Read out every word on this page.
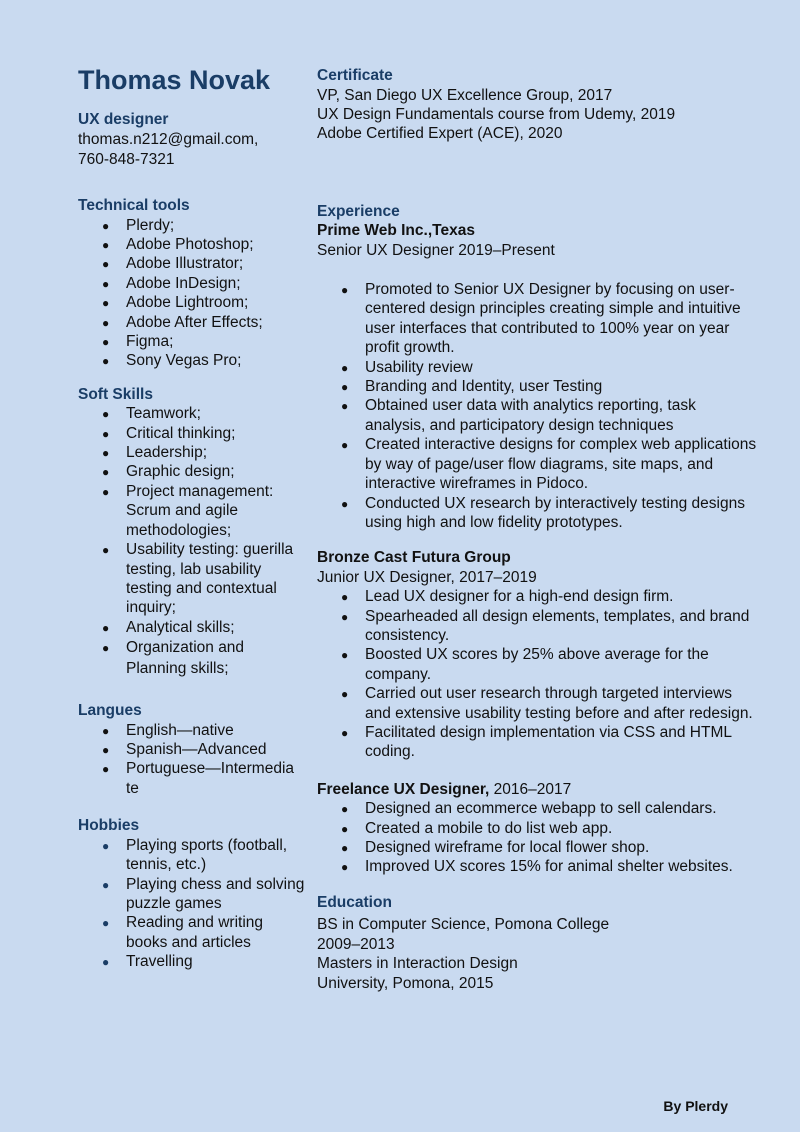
Thomas Novak
UX designer
thomas.n212@gmail.com,
760-848-7321
Technical tools
● Plerdy;
● Adobe Photoshop;
● Adobe Illustrator;
● Adobe InDesign;
● Adobe Lightroom;
● Adobe After Effects;
● Figma;
● Sony Vegas Pro;
Soft Skills
● Teamwork;
● Critical thinking;
● Leadership;
● Graphic design;
● Project management: Scrum and agile methodologies;
● Usability testing: guerilla testing, lab usability testing and contextual inquiry;
● Analytical skills;
● Organization and Planning skills;
Langues
● English—native
● Spanish—Advanced
● Portuguese—Intermedia te
Hobbies
● Playing sports (football, tennis, etc.)
● Playing chess and solving puzzle games
● Reading and writing books and articles
● Travelling
Certificate
VP, San Diego UX Excellence Group, 2017
UX Design Fundamentals course from Udemy, 2019
Adobe Certified Expert (ACE), 2020
Experience
Prime Web Inc.,Texas
Senior UX Designer 2019–Present
● Promoted to Senior UX Designer by focusing on user-centered design principles creating simple and intuitive user interfaces that contributed to 100% year on year profit growth.
● Usability review
● Branding and Identity, user Testing
● Obtained user data with analytics reporting, task analysis, and participatory design techniques
● Created interactive designs for complex web applications by way of page/user flow diagrams, site maps, and interactive wireframes in Pidoco.
● Conducted UX research by interactively testing designs using high and low fidelity prototypes.
Bronze Cast Futura Group
Junior UX Designer, 2017–2019
● Lead UX designer for a high-end design firm.
● Spearheaded all design elements, templates, and brand consistency.
● Boosted UX scores by 25% above average for the company.
● Carried out user research through targeted interviews and extensive usability testing before and after redesign.
● Facilitated design implementation via CSS and HTML coding.
Freelance UX Designer, 2016–2017
● Designed an ecommerce webapp to sell calendars.
● Created a mobile to do list web app.
● Designed wireframe for local flower shop.
● Improved UX scores 15% for animal shelter websites.
Education
BS in Computer Science, Pomona College
2009–2013
Masters in Interaction Design
University, Pomona, 2015
By Plerdy
